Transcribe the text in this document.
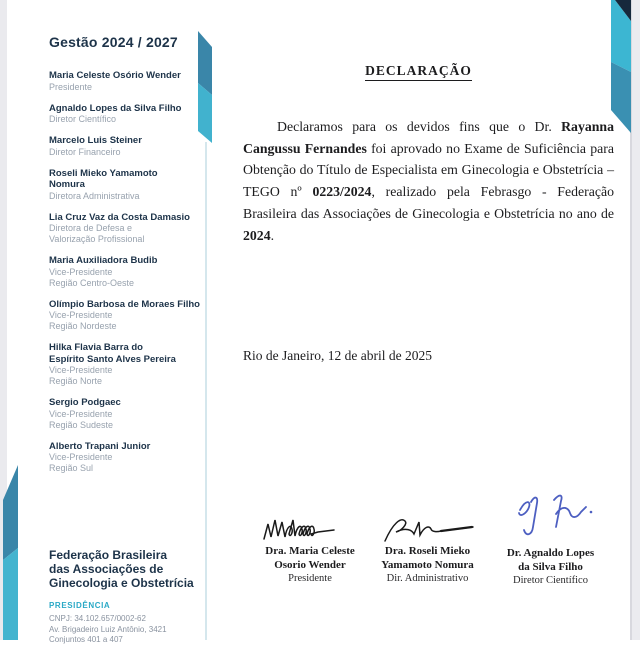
Gestão 2024 / 2027
Maria Celeste Osório Wender
Presidente
Agnaldo Lopes da Silva Filho
Diretor Científico
Marcelo Luis Steiner
Diretor Financeiro
Roseli Mieko Yamamoto
Nomura
Diretora Administrativa
Lia Cruz Vaz da Costa Damasio
Diretora de Defesa e
Valorização Profissional
Maria Auxiliadora Budib
Vice-Presidente
Região Centro-Oeste
Olímpio Barbosa de Moraes Filho
Vice-Presidente
Região Nordeste
Hilka Flavia Barra do
Espírito Santo Alves Pereira
Vice-Presidente
Região Norte
Sergio Podgaec
Vice-Presidente
Região Sudeste
Alberto Trapani Junior
Vice-Presidente
Região Sul
Federação Brasileira
das Associações de
Ginecologia e Obstetrícia
PRESIDÊNCIA
CNPJ: 34.102.657/0002-62
Av. Brigadeiro Luiz Antônio, 3421
Conjuntos 401 a 407
DECLARAÇÃO

Declaramos para os devidos fins que o Dr. Rayanna Cangussu Fernandes foi aprovado no Exame de Suficiência para Obtenção do Título de Especialista em Ginecologia e Obstetrícia – TEGO nº 0223/2024, realizado pela Febrasgo - Federação Brasileira das Associações de Ginecologia e Obstetrícia no ano de 2024.

Rio de Janeiro, 12 de abril de 2025
Dra. Maria Celeste
Osorio Wender
Presidente
Dra. Roseli Mieko
Yamamoto Nomura
Dir. Administrativo
Dr. Agnaldo Lopes
da Silva Filho
Diretor Científico
